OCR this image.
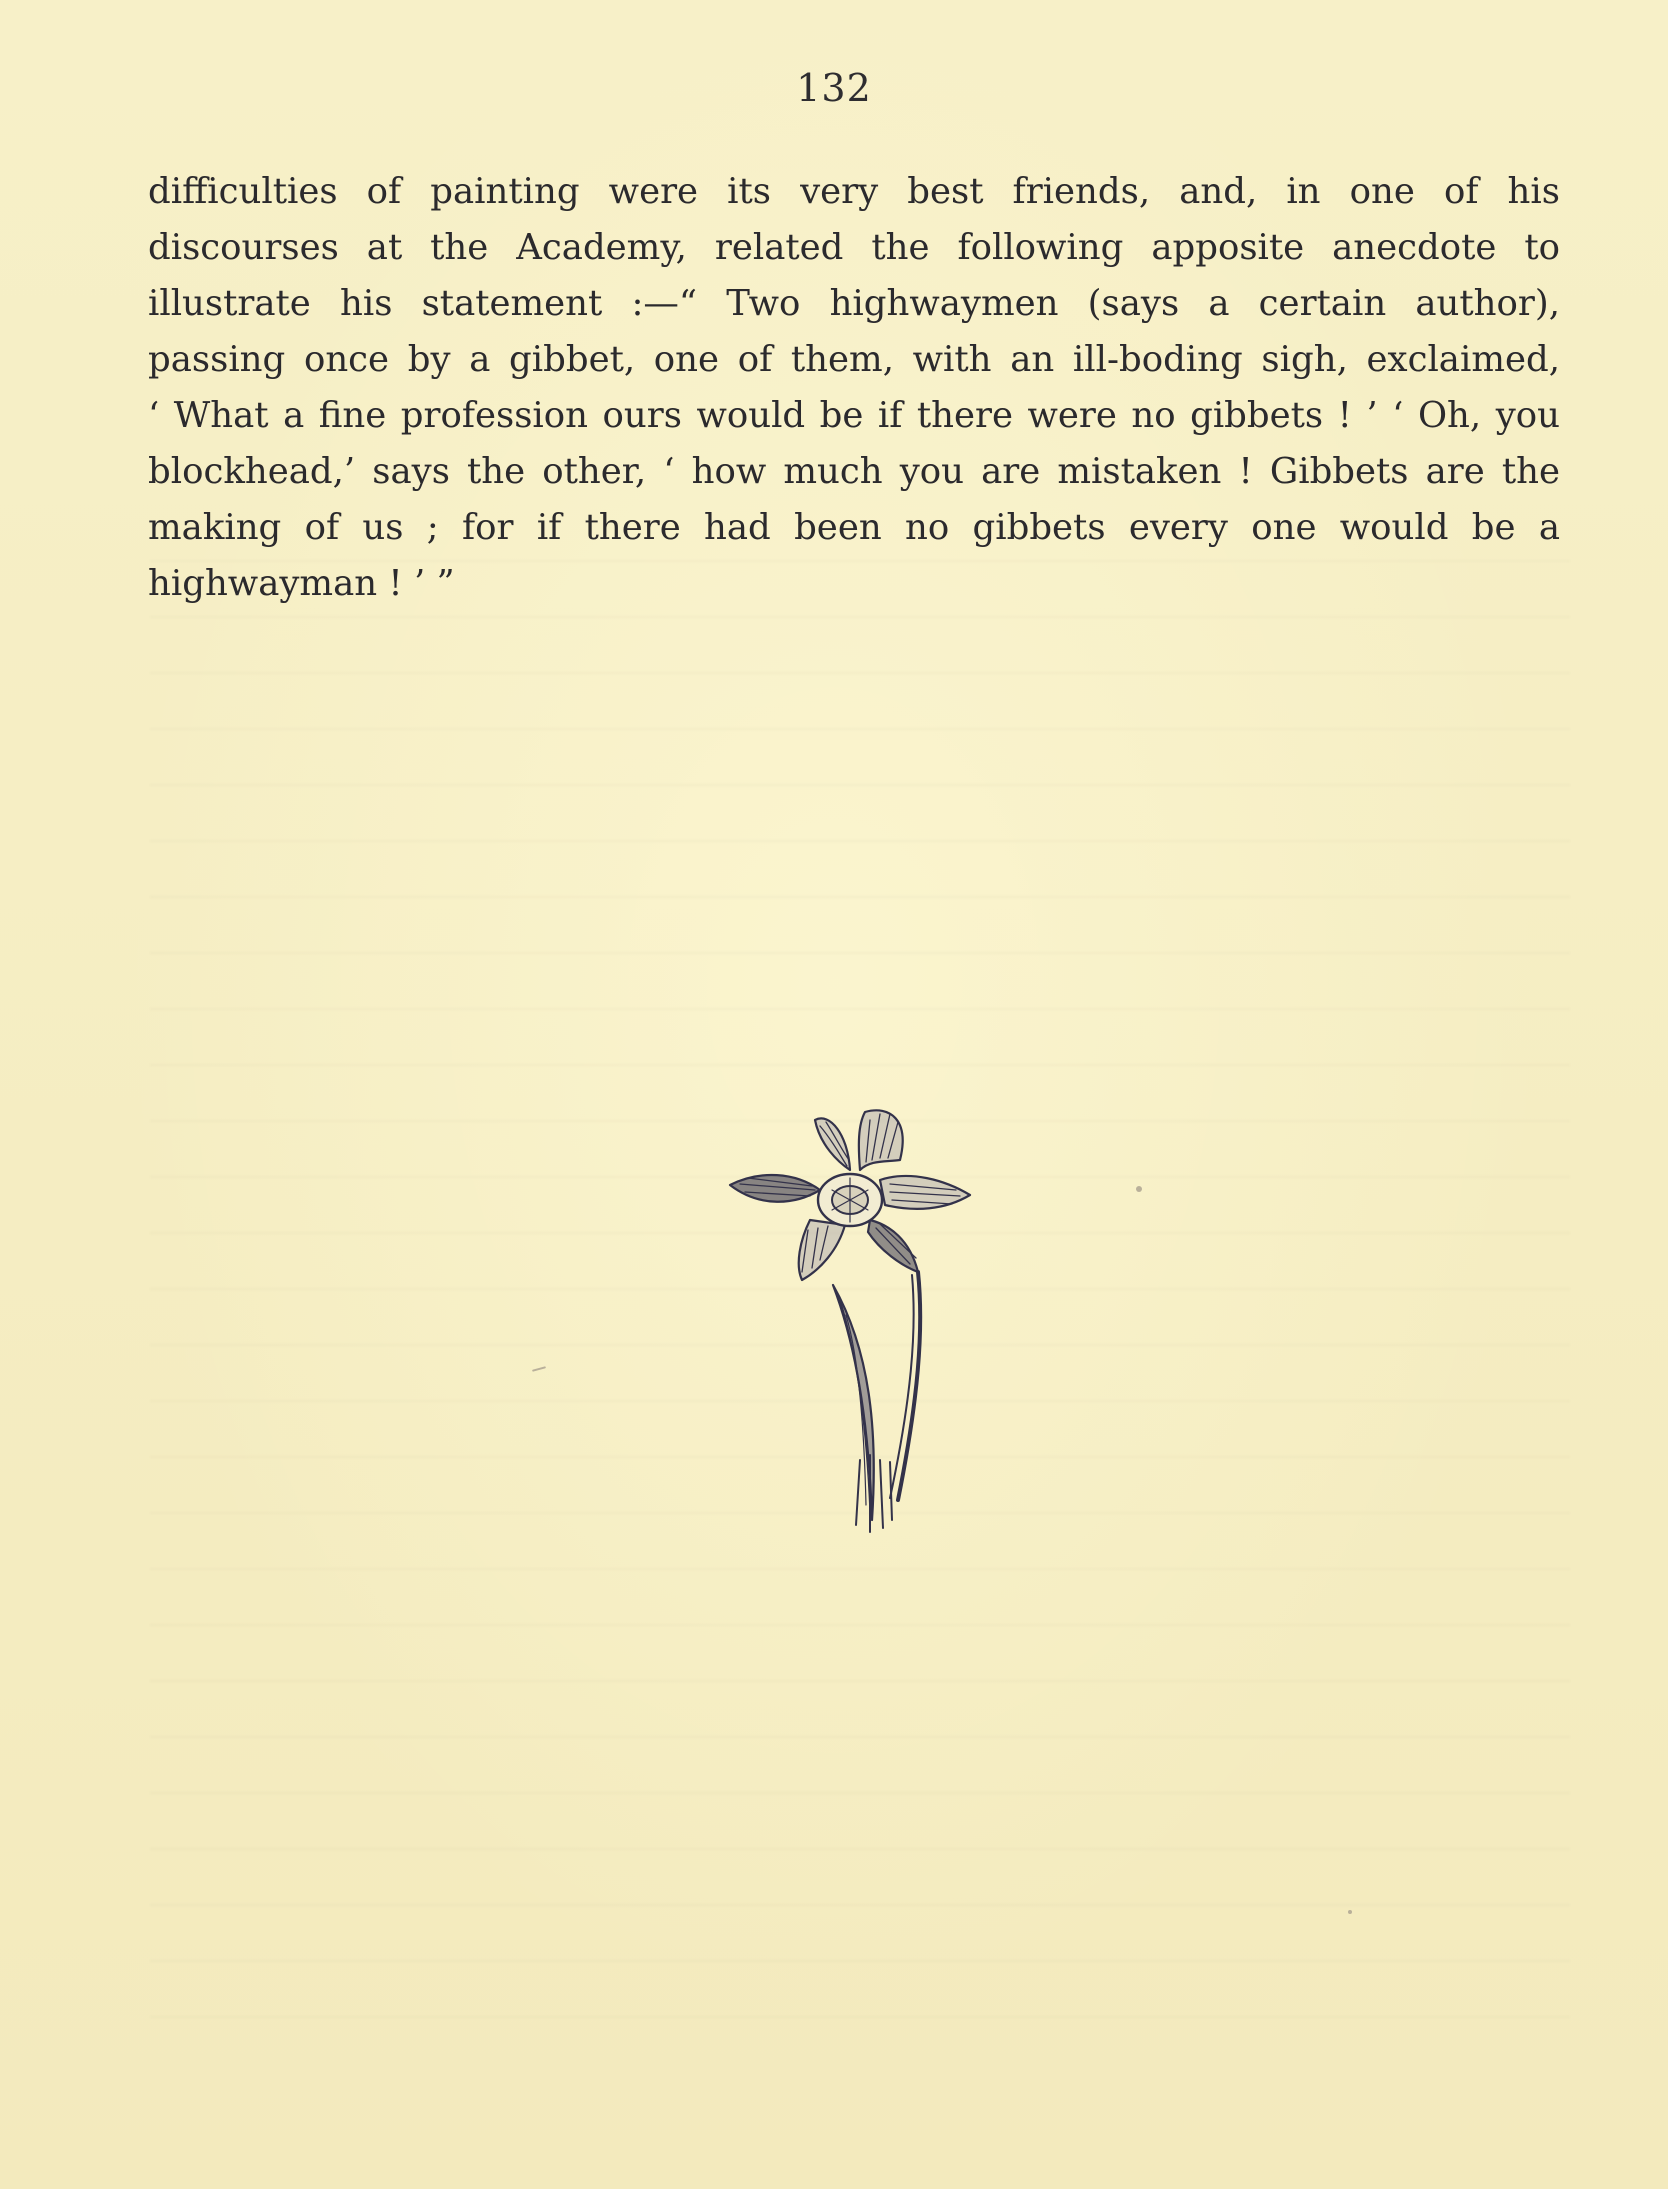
132
difficulties of painting were its very best friends, and, in one of his
discourses at the Academy, related the following apposite anecdote to
illustrate his statement :—“ Two highwaymen (says a certain author),
passing once by a gibbet, one of them, with an ill-boding sigh, exclaimed,
‘ What a fine profession ours would be if there were no gibbets ! ’ ‘ Oh, you
blockhead,’ says the other, ‘ how much you are mistaken ! Gibbets are the
making of us ; for if there had been no gibbets every one would be a
highwayman ! ’ ”
